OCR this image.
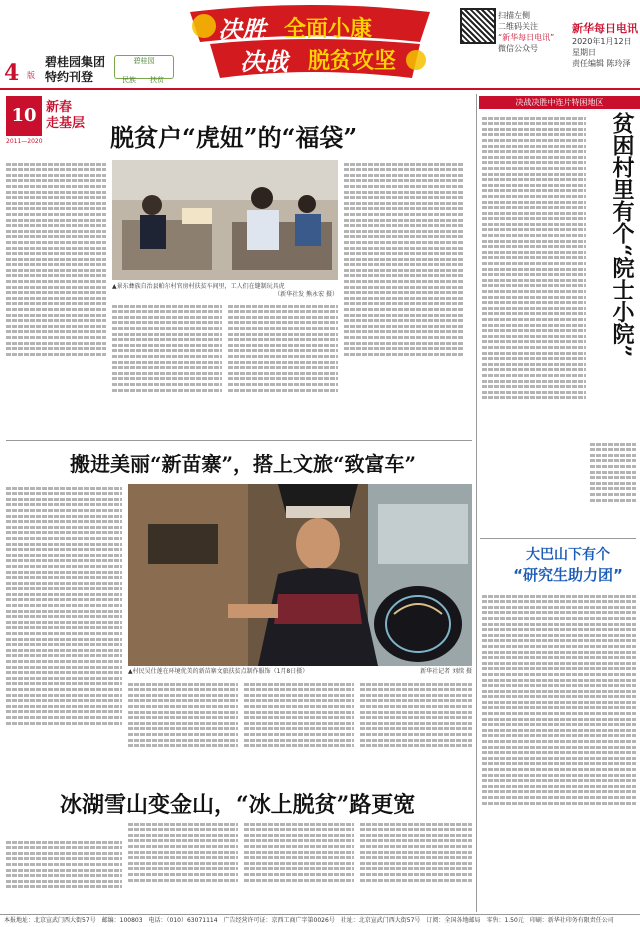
4 版
碧桂园集团
特约刊登
碧桂园
民族 扶贫
决胜 全面小康
决战 脱贫攻坚
扫描左侧
二维码关注
“新华每日电讯”
微信公众号
新华每日电讯
2020年1月12日
星期日
责任编辑 陈玲泽
10 新春
走基层
2011—2020	脱贫户“虎妞”的“福袋”
▲景东彝族自治县帕尔村官房村扶贫车间里，工人们在缝制玩具虎
（新华社发 熊永宏 摄）
搬进美丽“新苗寨”，搭上文旅“致富车”
▲村民吴仕莲在环境优美的新苗寨文旅扶贫点制作服饰（1月8日摄）	新华社记者 刘续 摄
冰湖雪山变金山，“冰上脱贫”路更宽
决战决胜中连片特困地区
贫困村里有个“院士小院”
大巴山下有个
“研究生助力团”
本报地址：北京宣武门西大街57号　邮编：100803　电话：（010）63071114　广告经营许可证：京西工商广字第0026号　社址：北京宣武门西大街57号　订阅：全国各地邮局　零售：1.50元　印刷：新华社印务有限责任公司
